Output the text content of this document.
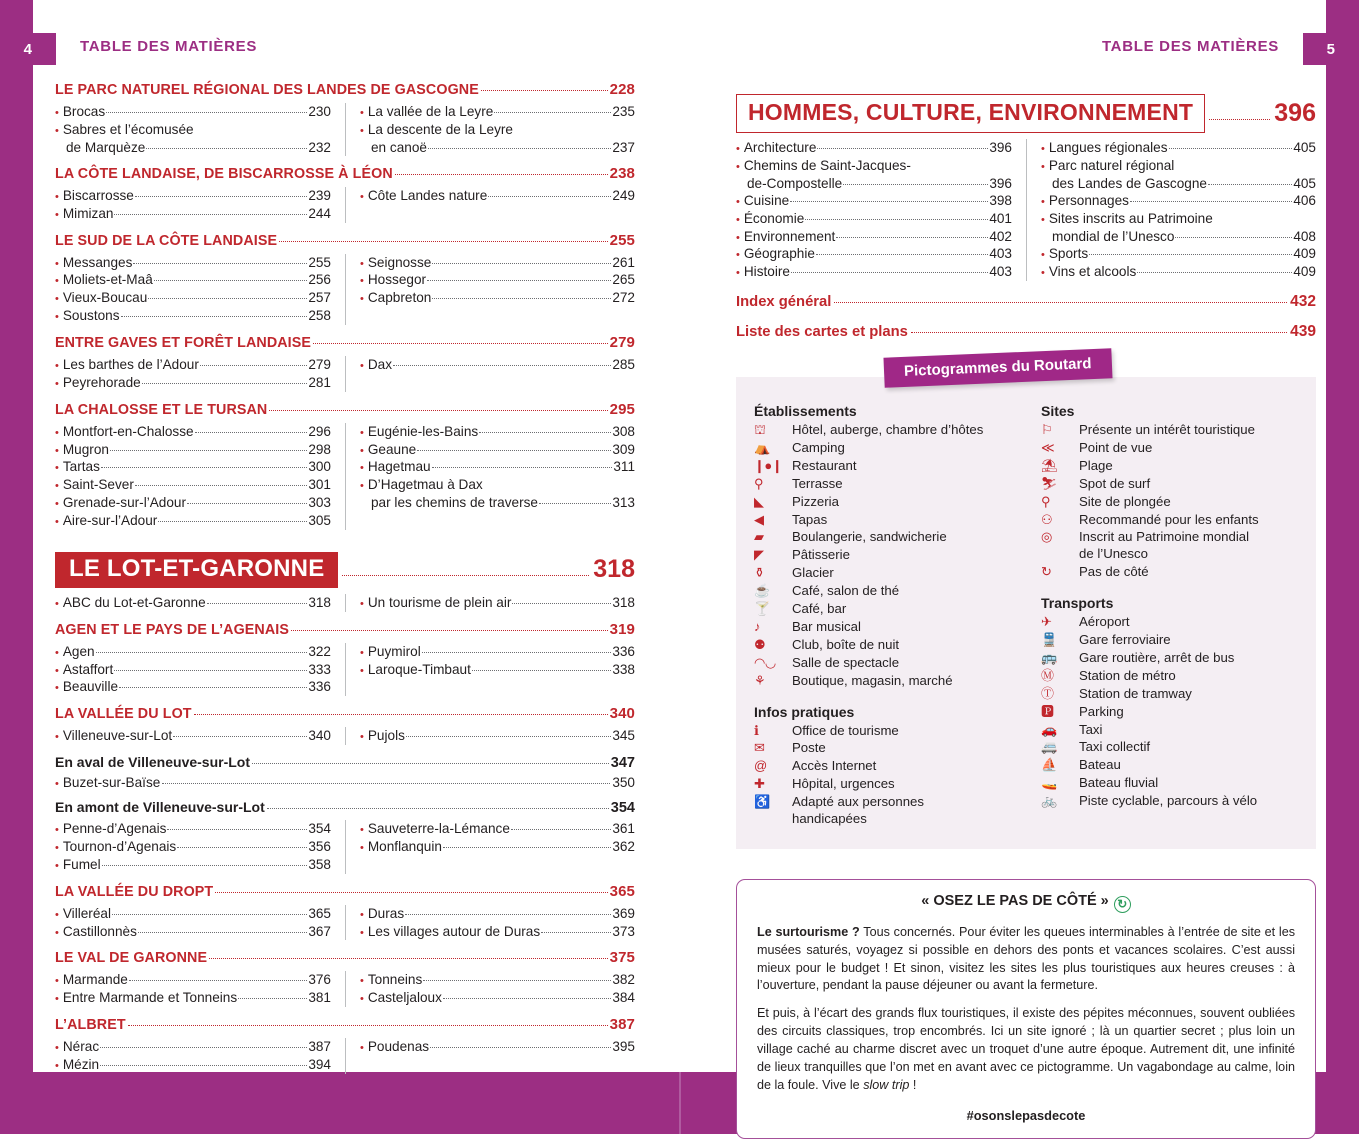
4	TABLE DES MATIÈRES	5
TABLE DES MATIÈRES
LE PARC NATUREL RÉGIONAL DES LANDES DE GASCOGNE	228
• Brocas	230
• Sabres et l’écomusée
de Marquèze	232
• La vallée de la Leyre	235
• La descente de la Leyre
en canoë	237
LA CÔTE LANDAISE, DE BISCARROSSE À LÉON	238
• Biscarrosse	239
• Mimizan	244
• Côte Landes nature	249
LE SUD DE LA CÔTE LANDAISE	255
• Messanges	255
• Moliets-et-Maâ	256
• Vieux-Boucau	257
• Soustons	258
• Seignosse	261
• Hossegor	265
• Capbreton	272
ENTRE GAVES ET FORÊT LANDAISE	279
• Les barthes de l’Adour	279
• Peyrehorade	281
• Dax	285
LA CHALOSSE ET LE TURSAN	295
• Montfort-en-Chalosse	296
• Mugron	298
• Tartas	300
• Saint-Sever	301
• Grenade-sur-l’Adour	303
• Aire-sur-l’Adour	305
• Eugénie-les-Bains	308
• Geaune	309
• Hagetmau	311
• D’Hagetmau à Dax
par les chemins de traverse	313
LE LOT-ET-GARONNE	318
• ABC du Lot-et-Garonne	318	• Un tourisme de plein air	318
AGEN ET LE PAYS DE L’AGENAIS	319
• Agen	322
• Astaffort	333
• Beauville	336
• Puymirol	336
• Laroque-Timbaut	338
LA VALLÉE DU LOT	340
• Villeneuve-sur-Lot	340	• Pujols	345
En aval de Villeneuve-sur-Lot	347
• Buzet-sur-Baïse	350
En amont de Villeneuve-sur-Lot	354
• Penne-d’Agenais	354
• Tournon-d’Agenais	356
• Fumel	358
• Sauveterre-la-Lémance	361
• Monflanquin	362
LA VALLÉE DU DROPT	365
• Villeréal	365
• Castillonnès	367
• Duras	369
• Les villages autour de Duras	373
LE VAL DE GARONNE	375
• Marmande	376
• Entre Marmande et Tonneins	381
• Tonneins	382
• Casteljaloux	384
L’ALBRET	387
• Nérac	387
• Mézin	394
• Poudenas	395
HOMMES, CULTURE, ENVIRONNEMENT	396
• Architecture	396
• Chemins de Saint-Jacques-
de-Compostelle	396
• Cuisine	398
• Économie	401
• Environnement	402
• Géographie	403
• Histoire	403
• Langues régionales	405
• Parc naturel régional
des Landes de Gascogne	405
• Personnages	406
• Sites inscrits au Patrimoine
mondial de l’Unesco	408
• Sports	409
• Vins et alcools	409
Index général	432
Liste des cartes et plans	439
Pictogrammes du Routard
Établissements
⛫	Hôtel, auberge, chambre d’hôtes
⛺	Camping
❙●❙ Restaurant
⚲	Terrasse
◣	Pizzeria
◀	Tapas
▰	Boulangerie, sandwicherie
◤	Pâtisserie
⚱	Glacier
☕	Café, salon de thé
🍸	Café, bar
♪	Bar musical
⚉	Club, boîte de nuit
◠◡	Salle de spectacle
⚘	Boutique, magasin, marché
Infos pratiques
ℹ	Office de tourisme
✉	Poste
@	Accès Internet
✚	Hôpital, urgences
♿	Adapté aux personnes
handicapées
Sites
⚐	Présente un intérêt touristique
≪	Point de vue
⛱	Plage
⛷	Spot de surf
⚲	Site de plongée
⚇	Recommandé pour les enfants
◎	Inscrit au Patrimoine mondial
de l’Unesco
↻	Pas de côté
Transports
✈	Aéroport
🚆	Gare ferroviaire
🚌	Gare routière, arrêt de bus
Ⓜ	Station de métro
Ⓣ	Station de tramway
🅿	Parking
🚗	Taxi
🚐	Taxi collectif
⛵	Bateau
🚤	Bateau fluvial
🚲	Piste cyclable, parcours à vélo
« OSEZ LE PAS DE CÔTÉ » ↻

Le surtourisme ? Tous concernés. Pour éviter les queues interminables à l’entrée de site et les musées saturés, voyagez si possible en dehors des ponts et vacances scolaires. C’est aussi mieux pour le budget ! Et sinon, visitez les sites les plus touristiques aux heures creuses : à l’ouverture, pendant la pause déjeuner ou avant la fermeture.

Et puis, à l’écart des grands flux touristiques, il existe des pépites méconnues, souvent oubliées des circuits classiques, trop encombrés. Ici un site ignoré ; là un quartier secret ; plus loin un village caché au charme discret avec un troquet d’une autre époque. Autrement dit, une infinité de lieux tranquilles que l’on met en avant avec ce pictogramme. Un vagabondage au calme, loin de la foule. Vive le slow trip !

#osonslepasdecote
